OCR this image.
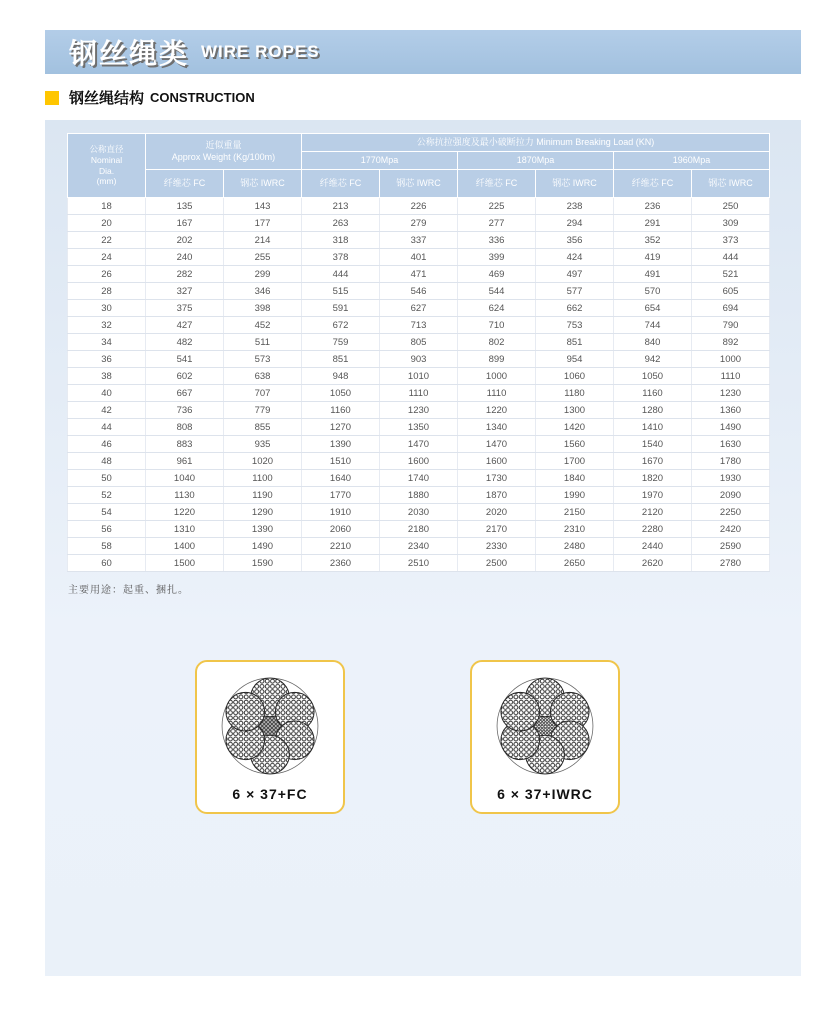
钢丝绳类 WIRE ROPES
钢丝绳结构 CONSTRUCTION
公称直径
Nominal
Dia.
(mm)

近似重量
Approx Weight (Kg/100m)
	公称抗拉强度及最小破断拉力 Minimum Breaking Load (KN)
			1770Mpa		1870Mpa		1960Mpa	
	纤维芯 FC	钢芯 IWRC	纤维芯 FC	钢芯 IWRC	纤维芯 FC	钢芯 IWRC	纤维芯 FC	钢芯 IWRC
18	135	143	213	226	225	238	236	250
20	167	177	263	279	277	294	291	309
22	202	214	318	337	336	356	352	373
24	240	255	378	401	399	424	419	444
26	282	299	444	471	469	497	491	521
28	327	346	515	546	544	577	570	605
30	375	398	591	627	624	662	654	694
32	427	452	672	713	710	753	744	790
34	482	511	759	805	802	851	840	892
36	541	573	851	903	899	954	942	1000
38	602	638	948	1010	1000	1060	1050	1110
40	667	707	1050	1110	1110	1180	1160	1230
42	736	779	1160	1230	1220	1300	1280	1360
44	808	855	1270	1350	1340	1420	1410	1490
46	883	935	1390	1470	1470	1560	1540	1630
48	961	1020	1510	1600	1600	1700	1670	1780
50	1040	1100	1640	1740	1730	1840	1820	1930
52	1130	1190	1770	1880	1870	1990	1970	2090
54	1220	1290	1910	2030	2020	2150	2120	2250
56	1310	1390	2060	2180	2170	2310	2280	2420
58	1400	1490	2210	2340	2330	2480	2440	2590
60	1500	1590	2360	2510	2500	2650	2620	2780
主要用途：起重、捆扎。
6 × 37+FC	6 × 37+IWRC
